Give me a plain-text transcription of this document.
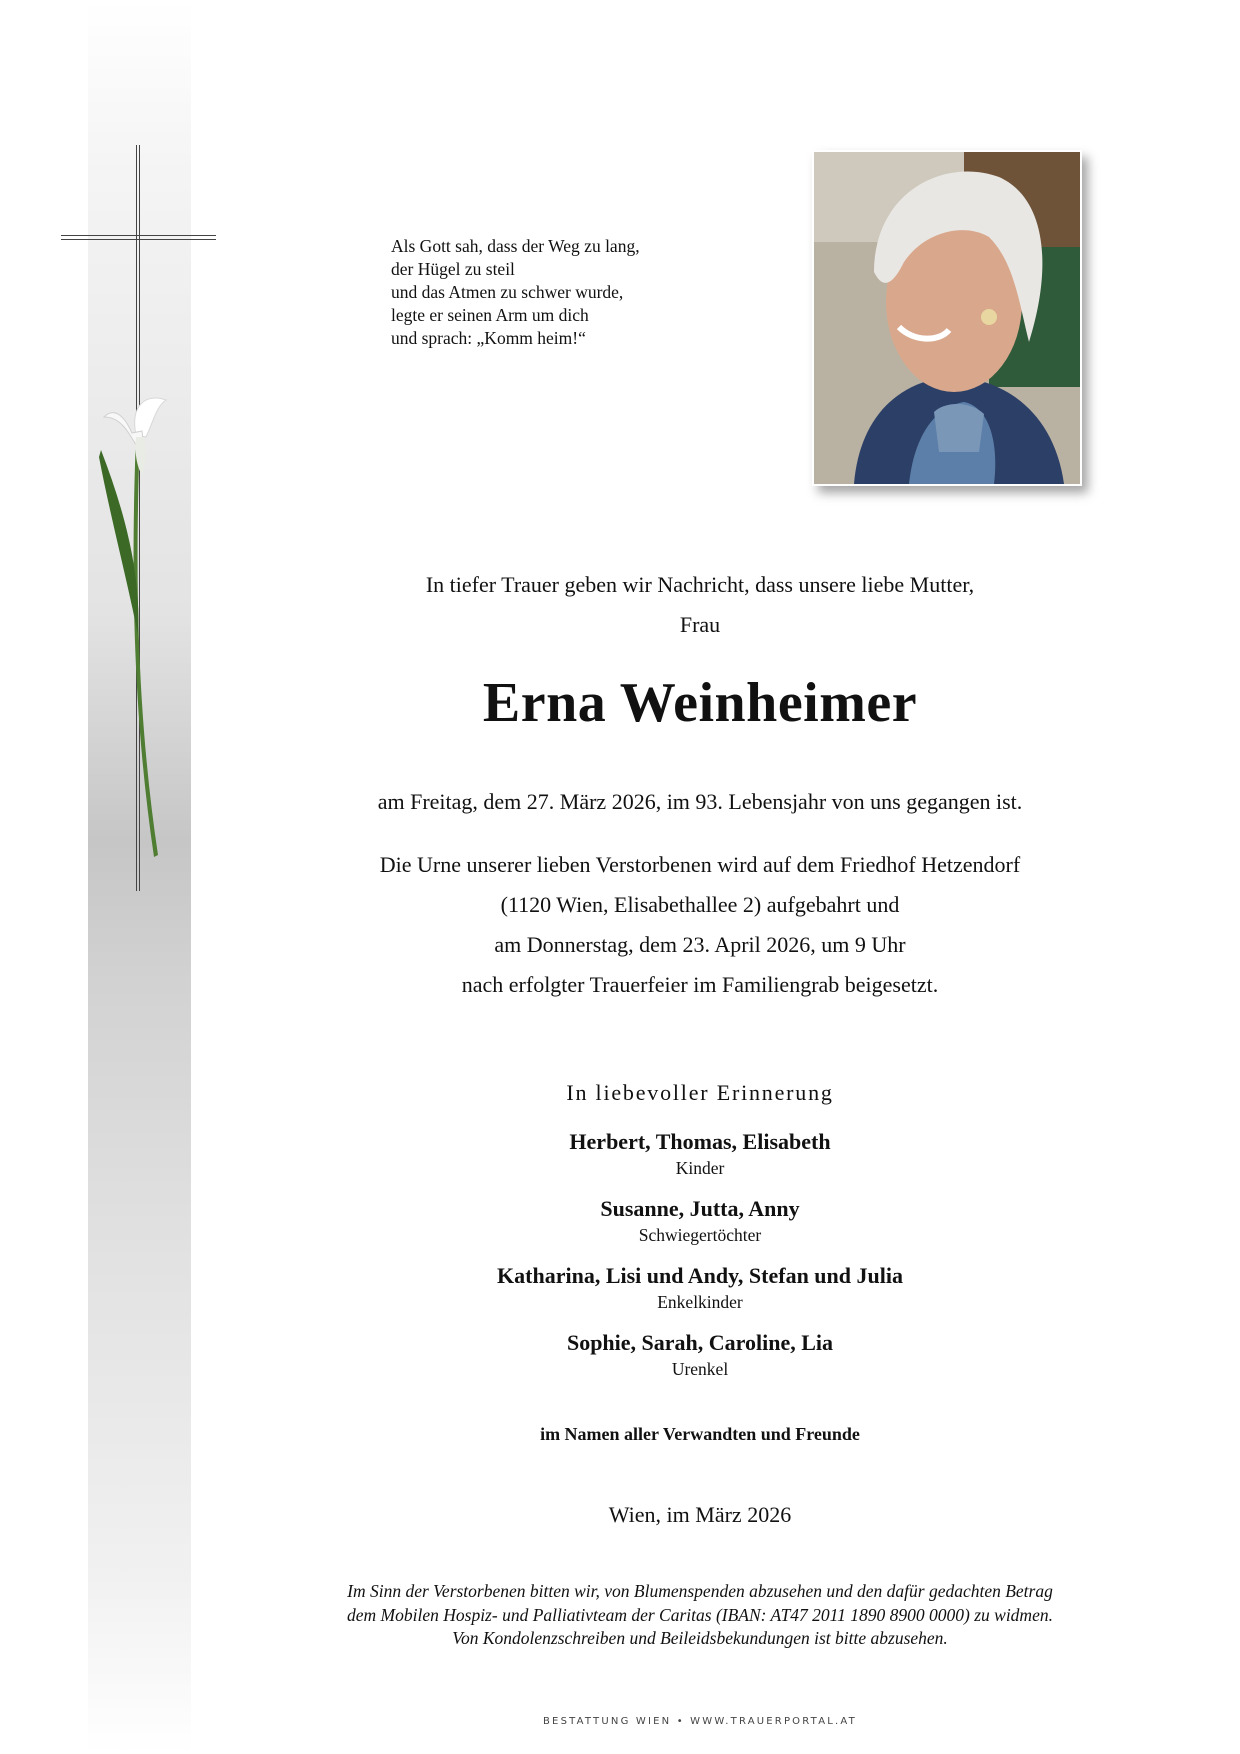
Als Gott sah, dass der Weg zu lang,
der Hügel zu steil
und das Atmen zu schwer wurde,
legte er seinen Arm um dich
und sprach: „Komm heim!“
In tiefer Trauer geben wir Nachricht, dass unsere liebe Mutter,
Frau
Erna Weinheimer
am Freitag, dem 27. März 2026, im 93. Lebensjahr von uns gegangen ist.
Die Urne unserer lieben Verstorbenen wird auf dem Friedhof Hetzendorf
(1120 Wien, Elisabethallee 2) aufgebahrt und
am Donnerstag, dem 23. April 2026, um 9 Uhr
nach erfolgter Trauerfeier im Familiengrab beigesetzt.
In liebevoller Erinnerung
Herbert, Thomas, Elisabeth
Kinder
Susanne, Jutta, Anny
Schwiegertöchter
Katharina, Lisi und Andy, Stefan und Julia
Enkelkinder
Sophie, Sarah, Caroline, Lia
Urenkel
im Namen aller Verwandten und Freunde
Wien, im März 2026
Im Sinn der Verstorbenen bitten wir, von Blumenspenden abzusehen und den dafür gedachten Betrag
dem Mobilen Hospiz- und Palliativteam der Caritas (IBAN: AT47 2011 1890 8900 0000) zu widmen.
Von Kondolenzschreiben und Beileidsbekundungen ist bitte abzusehen.
BESTATTUNG WIEN • WWW.TRAUERPORTAL.AT
